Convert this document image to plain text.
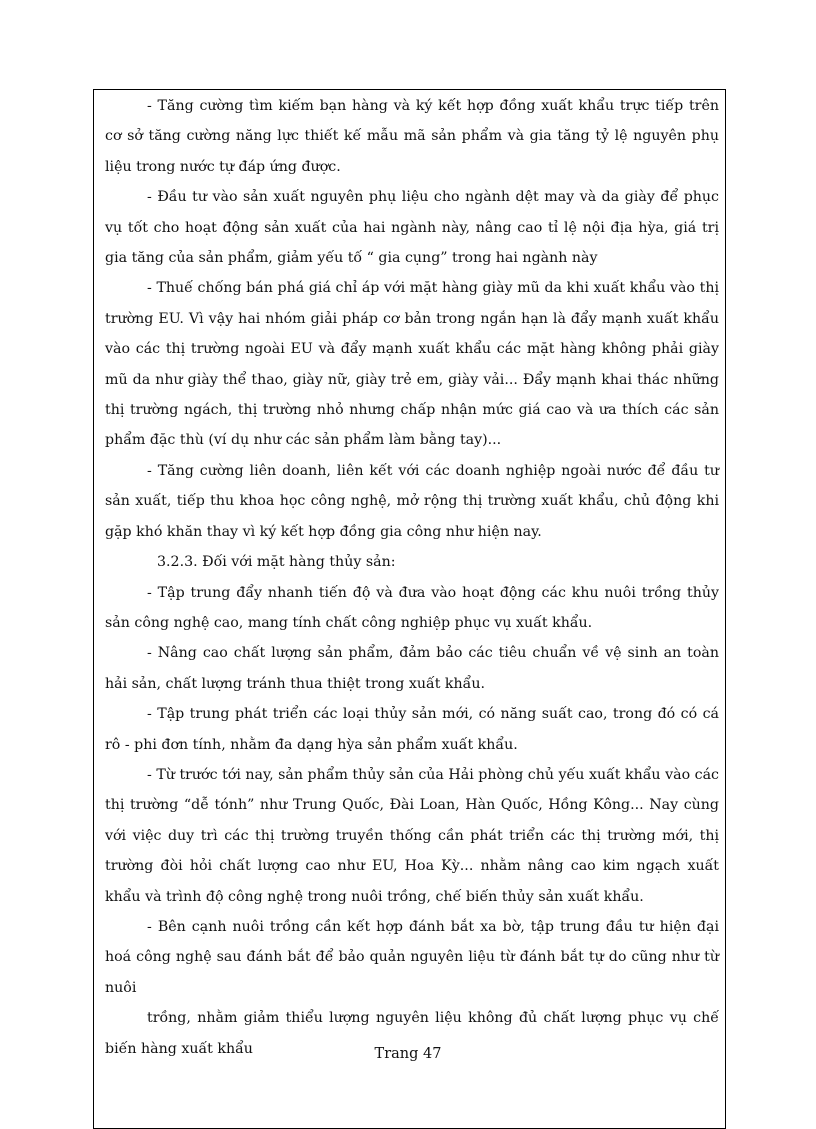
- Tăng cường tìm kiếm bạn hàng và ký kết hợp đồng xuất khẩu trực tiếp trên cơ sở tăng cường năng lực thiết kế mẫu mã sản phẩm và gia tăng tỷ lệ nguyên phụ liệu trong nước tự đáp ứng được.

- Đầu tư vào sản xuất nguyên phụ liệu cho ngành dệt may và da giày để phục vụ tốt cho hoạt động sản xuất của hai ngành này, nâng cao tỉ lệ nội địa hỳa, giá trị gia tăng của sản phẩm, giảm yếu tố “ gia cụng” trong hai ngành này

- Thuế chống bán phá giá chỉ áp với mặt hàng giày mũ da khi xuất khẩu vào thị trường EU. Vì vậy hai nhóm giải pháp cơ bản trong ngắn hạn là đẩy mạnh xuất khẩu vào các thị trường ngoài EU và đẩy mạnh xuất khẩu các mặt hàng không phải giày mũ da như giày thể thao, giày nữ, giày trẻ em, giày vải... Đẩy mạnh khai thác những thị trường ngách, thị trường nhỏ nhưng chấp nhận mức giá cao và ưa thích các sản phẩm đặc thù (ví dụ như các sản phẩm làm bằng tay)...

- Tăng cường liên doanh, liên kết với các doanh nghiệp ngoài nước để đầu tư sản xuất, tiếp thu khoa học công nghệ, mở rộng thị trường xuất khẩu, chủ động khi gặp khó khăn thay vì ký kết hợp đồng gia công như hiện nay.

3.2.3. Đối với mặt hàng thủy sản:

- Tập trung đẩy nhanh tiến độ và đưa vào hoạt động các khu nuôi trồng thủy sản công nghệ cao, mang tính chất công nghiệp phục vụ xuất khẩu.

- Nâng cao chất lượng sản phẩm, đảm bảo các tiêu chuẩn về vệ sinh an toàn hải sản, chất lượng tránh thua thiệt trong xuất khẩu.

- Tập trung phát triển các loại thủy sản mới, có năng suất cao, trong đó có cá rô - phi đơn tính, nhằm đa dạng hỳa sản phẩm xuất khẩu.

- Từ trước tới nay, sản phẩm thủy sản của Hải phòng chủ yếu xuất khẩu vào các thị trường “dễ tónh” như Trung Quốc, Đài Loan, Hàn Quốc, Hồng Kông... Nay cùng với việc duy trì các thị trường truyền thống cần phát triển các thị trường mới, thị trường đòi hỏi chất lượng cao như EU, Hoa Kỳ... nhằm nâng cao kim ngạch xuất khẩu và trình độ công nghệ trong nuôi trồng, chế biến thủy sản xuất khẩu.

- Bên cạnh nuôi trồng cần kết hợp đánh bắt xa bờ, tập trung đầu tư hiện đại hoá công nghệ sau đánh bắt để bảo quản nguyên liệu từ đánh bắt tự do cũng như từ nuôi

trồng, nhằm giảm thiểu lượng nguyên liệu không đủ chất lượng phục vụ chế biến hàng xuất khẩu	Trang 47
